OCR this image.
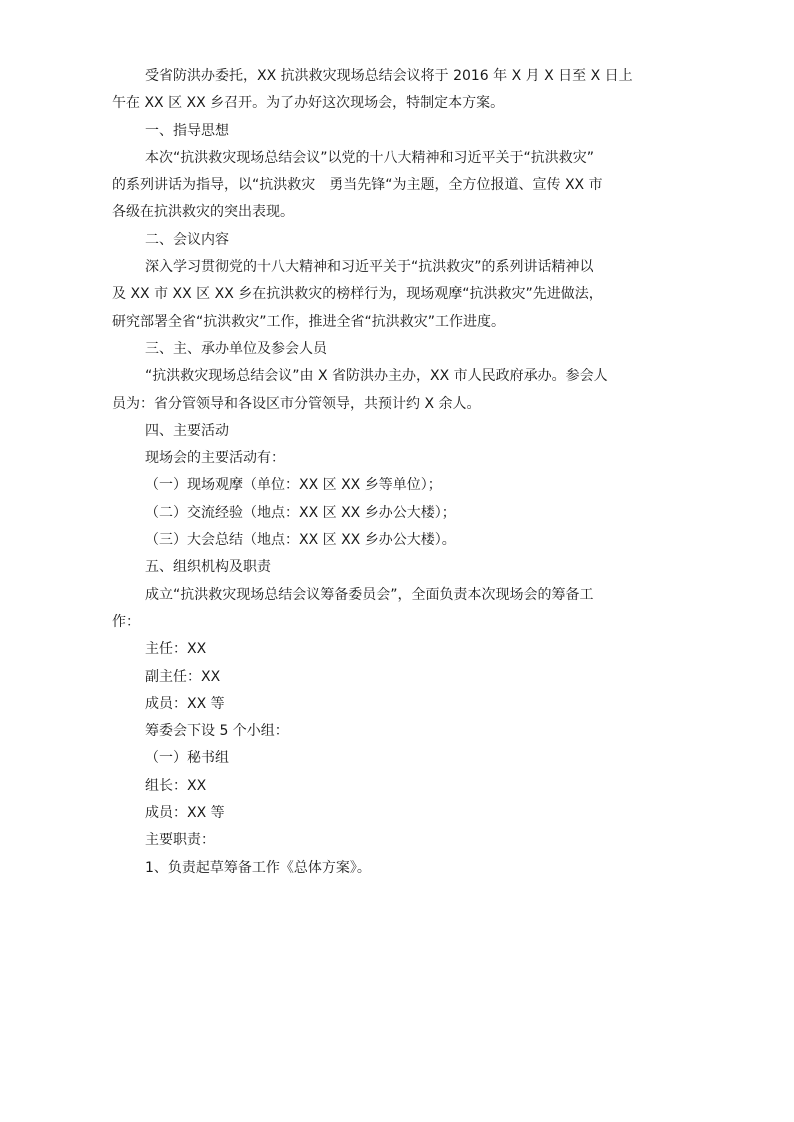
受省防洪办委托，XX 抗洪救灾现场总结会议将于 2016 年 X 月 X 日至 X 日上
午在 XX 区 XX 乡召开。为了办好这次现场会，特制定本方案。
一、指导思想
本次“抗洪救灾现场总结会议”以党的十八大精神和习近平关于“抗洪救灾”
的系列讲话为指导，以“抗洪救灾　勇当先锋“为主题，全方位报道、宣传 XX 市
各级在抗洪救灾的突出表现。
二、会议内容
深入学习贯彻党的十八大精神和习近平关于“抗洪救灾”的系列讲话精神以
及 XX 市 XX 区 XX 乡在抗洪救灾的榜样行为，现场观摩“抗洪救灾”先进做法，
研究部署全省“抗洪救灾”工作，推进全省“抗洪救灾”工作进度。
三、主、承办单位及参会人员
“抗洪救灾现场总结会议”由 X 省防洪办主办，XX 市人民政府承办。参会人
员为：省分管领导和各设区市分管领导，共预计约 X 余人。
四、主要活动
现场会的主要活动有：
（一）现场观摩（单位：XX 区 XX 乡等单位）；
（二）交流经验（地点：XX 区 XX 乡办公大楼）；
（三）大会总结（地点：XX 区 XX 乡办公大楼）。
五、组织机构及职责
成立“抗洪救灾现场总结会议筹备委员会”，全面负责本次现场会的筹备工
作：
主任：XX
副主任：XX
成员：XX 等
筹委会下设 5 个小组：
（一）秘书组
组长：XX
成员：XX 等
主要职责：
1、负责起草筹备工作《总体方案》。
